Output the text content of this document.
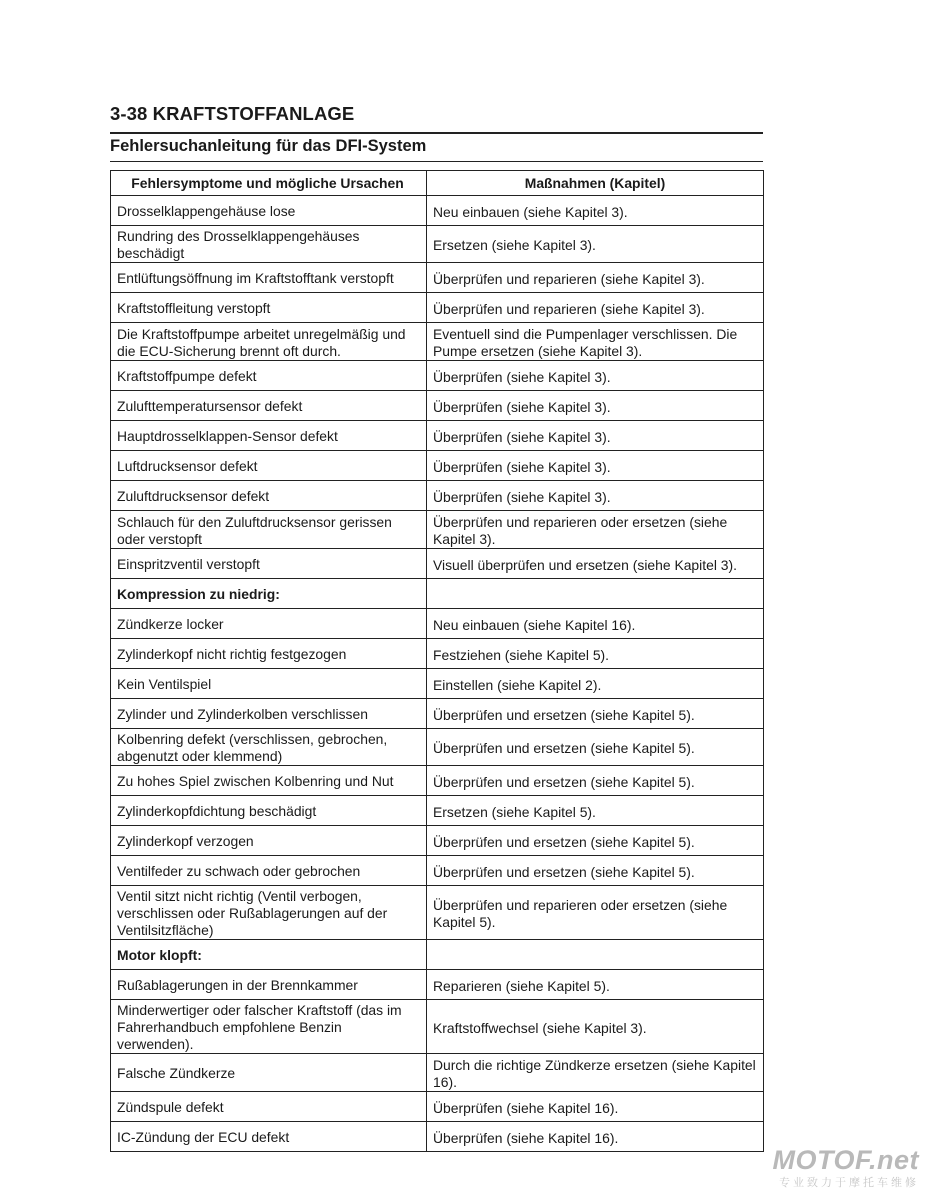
3-38 KRAFTSTOFFANLAGE
Fehlersuchanleitung für das DFI-System
Fehlersymptome und mögliche Ursachen	Maßnahmen (Kapitel)
Drosselklappengehäuse lose	Neu einbauen (siehe Kapitel 3).
Rundring des Drosselklappengehäuses beschädigt	Ersetzen (siehe Kapitel 3).
Entlüftungsöffnung im Kraftstofftank verstopft	Überprüfen und reparieren (siehe Kapitel 3).
Kraftstoffleitung verstopft	Überprüfen und reparieren (siehe Kapitel 3).
Die Kraftstoffpumpe arbeitet unregelmäßig und die ECU-Sicherung brennt oft durch.	Eventuell sind die Pumpenlager verschlissen. Die Pumpe ersetzen (siehe Kapitel 3).
Kraftstoffpumpe defekt	Überprüfen (siehe Kapitel 3).
Zulufttemperatursensor defekt	Überprüfen (siehe Kapitel 3).
Hauptdrosselklappen-Sensor defekt	Überprüfen (siehe Kapitel 3).
Luftdrucksensor defekt	Überprüfen (siehe Kapitel 3).
Zuluftdrucksensor defekt	Überprüfen (siehe Kapitel 3).
Schlauch für den Zuluftdrucksensor gerissen oder verstopft	Überprüfen und reparieren oder ersetzen (siehe Kapitel 3).
Einspritzventil verstopft	Visuell überprüfen und ersetzen (siehe Kapitel 3).
Kompression zu niedrig:	
Zündkerze locker	Neu einbauen (siehe Kapitel 16).
Zylinderkopf nicht richtig festgezogen	Festziehen (siehe Kapitel 5).
Kein Ventilspiel	Einstellen (siehe Kapitel 2).
Zylinder und Zylinderkolben verschlissen	Überprüfen und ersetzen (siehe Kapitel 5).
Kolbenring defekt (verschlissen, gebrochen, abgenutzt oder klemmend)	Überprüfen und ersetzen (siehe Kapitel 5).
Zu hohes Spiel zwischen Kolbenring und Nut	Überprüfen und ersetzen (siehe Kapitel 5).
Zylinderkopfdichtung beschädigt	Ersetzen (siehe Kapitel 5).
Zylinderkopf verzogen	Überprüfen und ersetzen (siehe Kapitel 5).
Ventilfeder zu schwach oder gebrochen	Überprüfen und ersetzen (siehe Kapitel 5).
Ventil sitzt nicht richtig (Ventil verbogen, verschlissen oder Rußablagerungen auf der Ventilsitzfläche)	Überprüfen und reparieren oder ersetzen (siehe Kapitel 5).
Motor klopft:	
Rußablagerungen in der Brennkammer	Reparieren (siehe Kapitel 5).
Minderwertiger oder falscher Kraftstoff (das im Fahrerhandbuch empfohlene Benzin verwenden).	Kraftstoffwechsel (siehe Kapitel 3).
Falsche Zündkerze	Durch die richtige Zündkerze ersetzen (siehe Kapitel 16).
Zündspule defekt	Überprüfen (siehe Kapitel 16).
IC-Zündung der ECU defekt	Überprüfen (siehe Kapitel 16).
MOTOF.net
专业致力于摩托车维修
